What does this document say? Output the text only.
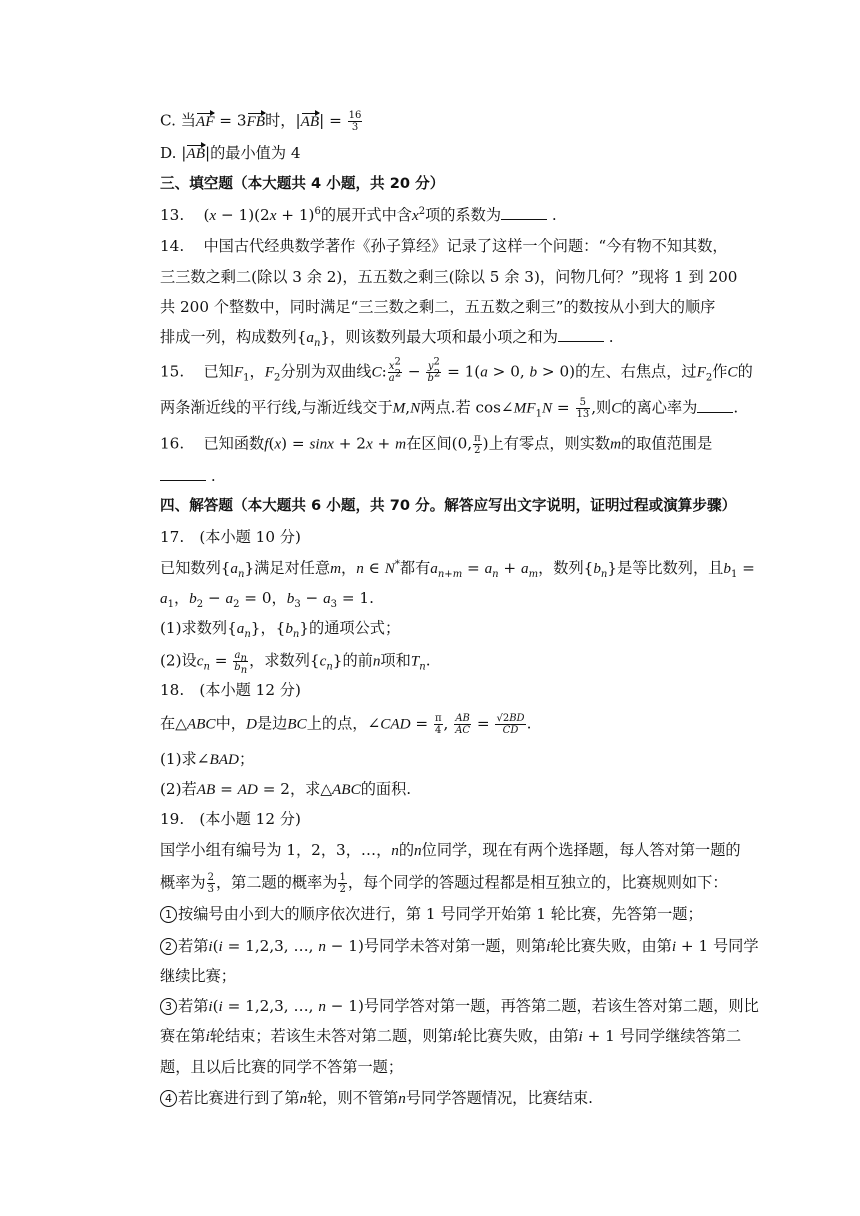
C. 当AF = 3FB时，$|AB| = \frac{16}{3}$
D. |AB|的最小值为 4
三、填空题（本大题共 4 小题，共 20 分）
13.    $(x - 1)(2x + 1)^6$的展开式中含$x^2$项的系数为	.
14. 中国古代经典数学著作《孙子算经》记录了这样一个问题：“今有物不知其数，
三三数之剩二(除以 3 余 2)，五五数之剩三(除以 5 余 3)，问物几何？”现将 1 到 200
共 200 个整数中，同时满足“三三数之剩二，五五数之剩三”的数按从小到大的顺序
排成一列，构成数列$\{a_n\}$，则该数列最大项和最小项之和为	.
15. 已知$F_1$，$F_2$分别为双曲线C: $\frac{x^2}{a^2} - \frac{y^2}{b^2} = 1(a > 0$, b > 0)的左、右焦点，过$F_2$作C的
两条渐近线的平行线,与渐近线交于M,N两点.若 $\cos\angle MF_1N = \frac{5}{13}$ ,则C的离心率为 .
16. 已知函数f(x) = sinx + 2x + m在区间(0, $\frac{\pi}{2}$ )上有零点，则实数m的取值范围是
.
四、解答题（本大题共 6 小题，共 70 分。解答应写出文字说明，证明过程或演算步骤）
17.　(本小题 10 分)
已知数列$\{a_n\}$满足对任意m，n ∈ N*都有$a_{n+m} = a_n + a_m$，数列$\{b_n\}$是等比数列，且$b_1$ =
$a_1$，$b_2 - a_2 = 0$，$b_3 - a_3 = 1$.
(1)求数列$\{a_n\}$，$\{b_n\}$的通项公式；
(2)设$c_n = \frac{a_n}{b_n}$ ，求数列$\{c_n\}$的前n项和$T_n$.
18.　(本小题 12 分)
在△ABC中，D是边BC上的点，∠CAD = $\frac{\pi}{4}$ , $\frac{AB}{AC} = \frac{√2BD}{CD}$ .
(1)求∠BAD；
(2)若AB = AD = 2，求△ABC的面积.
19.　(本小题 12 分)
国学小组有编号为 1，2，3，…，n的n位同学，现在有两个选择题，每人答对第一题的
概率为 $\frac{2}{3}$ ，第二题的概率为 $\frac{1}{2}$ ，每个同学的答题过程都是相互独立的，比赛规则如下：
1 按编号由小到大的顺序依次进行，第 1 号同学开始第 1 轮比赛，先答第一题；
2 若第i(i = 1,2,3, …, n − 1)号同学未答对第一题，则第i轮比赛失败，由第i + 1 号同学
继续比赛；
3 若第i(i = 1,2,3, …, n − 1)号同学答对第一题，再答第二题，若该生答对第二题，则比
赛在第i轮结束；若该生未答对第二题，则第i轮比赛失败，由第i + 1 号同学继续答第二
题，且以后比赛的同学不答第一题；
4 若比赛进行到了第n轮，则不管第n号同学答题情况，比赛结束.
